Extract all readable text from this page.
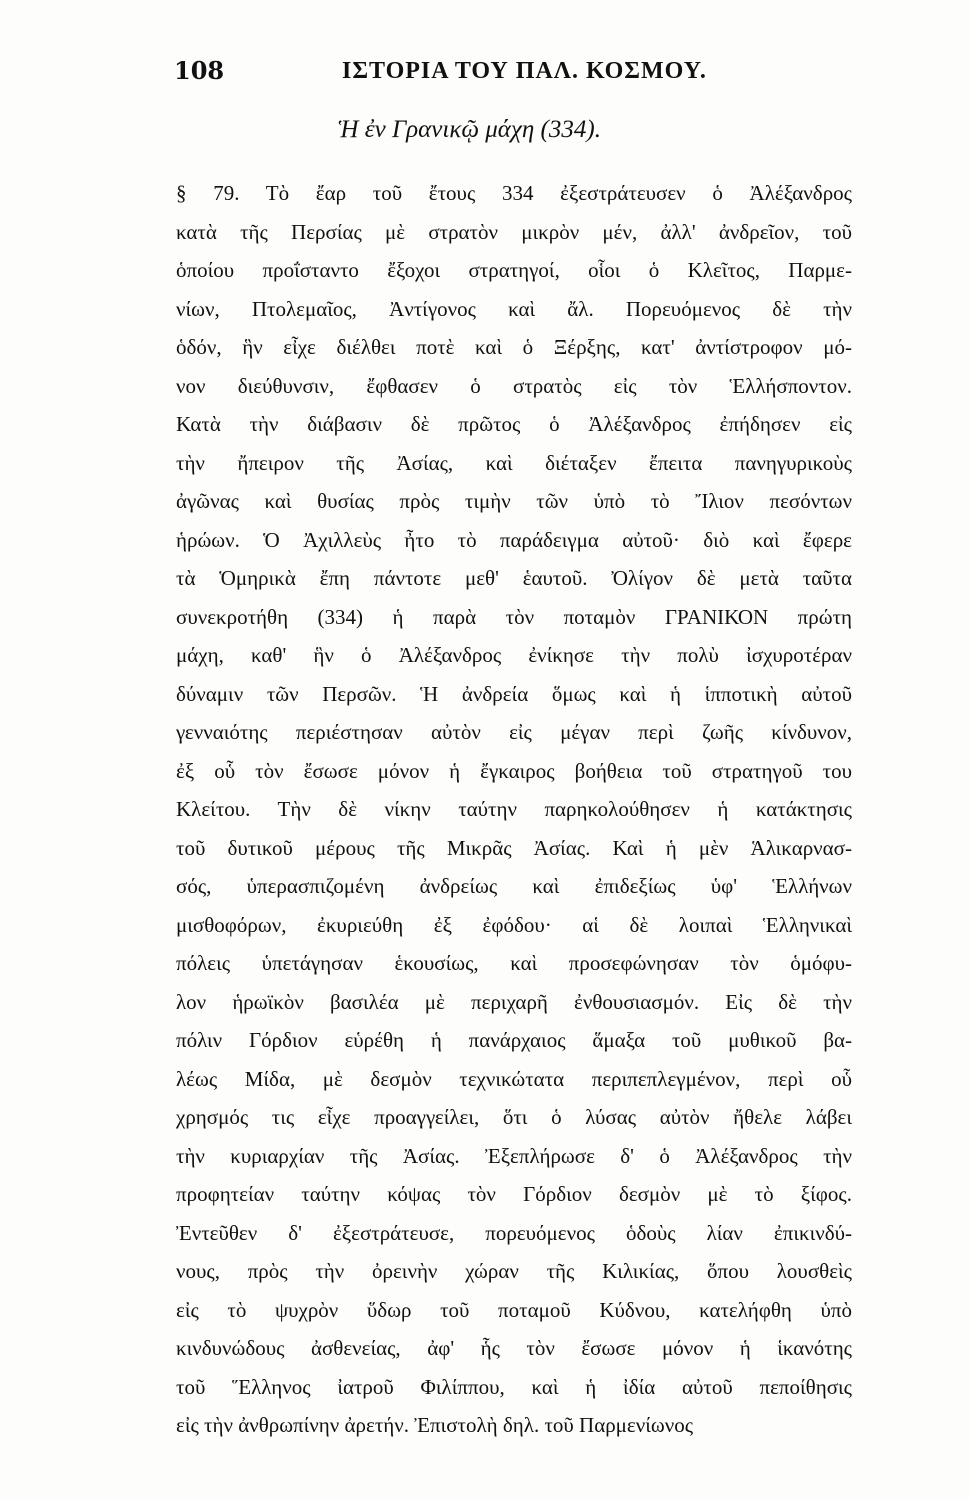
108	ΙΣΤΟΡΙΑ ΤΟΥ ΠΑΛ. ΚΟΣΜΟΥ.
Ἡ ἐν Γρανικῷ μάχη (334).
§ 79. Τὸ ἔαρ τοῦ ἔτους 334 ἐξεστράτευσεν ὁ Ἀλέξανδρος
κατὰ τῆς Περσίας μὲ στρατὸν μικρὸν μέν, ἀλλ' ἀνδρεῖον, τοῦ
ὁποίου προΐσταντο ἔξοχοι στρατηγοί, οἷοι ὁ Κλεῖτος, Παρμε-
νίων, Πτολεμαῖος, Ἀντίγονος καὶ ἄλ. Πορευόμενος δὲ τὴν
ὁδόν, ἣν εἶχε διέλθει ποτὲ καὶ ὁ Ξέρξης, κατ' ἀντίστροφον μό-
νον διεύθυνσιν, ἔφθασεν ὁ στρατὸς εἰς τὸν Ἑλλήσποντον.
Κατὰ τὴν διάβασιν δὲ πρῶτος ὁ Ἀλέξανδρος ἐπήδησεν εἰς
τὴν ἤπειρον τῆς Ἀσίας, καὶ διέταξεν ἔπειτα πανηγυρικοὺς
ἀγῶνας καὶ θυσίας πρὸς τιμὴν τῶν ὑπὸ τὸ Ἴλιον πεσόντων
ἡρώων. Ὁ Ἀχιλλεὺς ἦτο τὸ παράδειγμα αὐτοῦ· διὸ καὶ ἔφερε
τὰ Ὁμηρικὰ ἔπη πάντοτε μεθ' ἑαυτοῦ. Ὀλίγον δὲ μετὰ ταῦτα
συνεκροτήθη (334) ἡ παρὰ τὸν ποταμὸν ΓΡΑΝΙΚΟΝ πρώτη
μάχη, καθ' ἣν ὁ Ἀλέξανδρος ἐνίκησε τὴν πολὺ ἰσχυροτέραν
δύναμιν τῶν Περσῶν. Ἡ ἀνδρεία ὅμως καὶ ἡ ἱπποτικὴ αὐτοῦ
γενναιότης περιέστησαν αὐτὸν εἰς μέγαν περὶ ζωῆς κίνδυνον,
ἐξ οὗ τὸν ἔσωσε μόνον ἡ ἔγκαιρος βοήθεια τοῦ στρατηγοῦ του
Κλείτου. Τὴν δὲ νίκην ταύτην παρηκολούθησεν ἡ κατάκτησις
τοῦ δυτικοῦ μέρους τῆς Μικρᾶς Ἀσίας. Καὶ ἡ μὲν Ἁλικαρνασ-
σός, ὑπερασπιζομένη ἀνδρείως καὶ ἐπιδεξίως ὑφ' Ἑλλήνων
μισθοφόρων, ἐκυριεύθη ἐξ ἐφόδου· αἱ δὲ λοιπαὶ Ἑλληνικαὶ
πόλεις ὑπετάγησαν ἑκουσίως, καὶ προσεφώνησαν τὸν ὁμόφυ-
λον ἡρωϊκὸν βασιλέα μὲ περιχαρῆ ἐνθουσιασμόν. Εἰς δὲ τὴν
πόλιν Γόρδιον εὑρέθη ἡ πανάρχαιος ἅμαξα τοῦ μυθικοῦ βα-
λέως Μίδα, μὲ δεσμὸν τεχνικώτατα περιπεπλεγμένον, περὶ οὗ
χρησμός τις εἶχε προαγγείλει, ὅτι ὁ λύσας αὐτὸν ἤθελε λάβει
τὴν κυριαρχίαν τῆς Ἀσίας. Ἐξεπλήρωσε δ' ὁ Ἀλέξανδρος τὴν
προφητείαν ταύτην κόψας τὸν Γόρδιον δεσμὸν μὲ τὸ ξίφος.
Ἐντεῦθεν δ' ἐξεστράτευσε, πορευόμενος ὁδοὺς λίαν ἐπικινδύ-
νους, πρὸς τὴν ὀρεινὴν χώραν τῆς Κιλικίας, ὅπου λουσθεὶς
εἰς τὸ ψυχρὸν ὕδωρ τοῦ ποταμοῦ Κύδνου, κατελήφθη ὑπὸ
κινδυνώδους ἀσθενείας, ἀφ' ἧς τὸν ἔσωσε μόνον ἡ ἱκανότης
τοῦ Ἕλληνος ἰατροῦ Φιλίππου, καὶ ἡ ἰδία αὐτοῦ πεποίθησις
εἰς τὴν ἀνθρωπίνην ἀρετήν. Ἐπιστολὴ δηλ. τοῦ Παρμενίωνος
